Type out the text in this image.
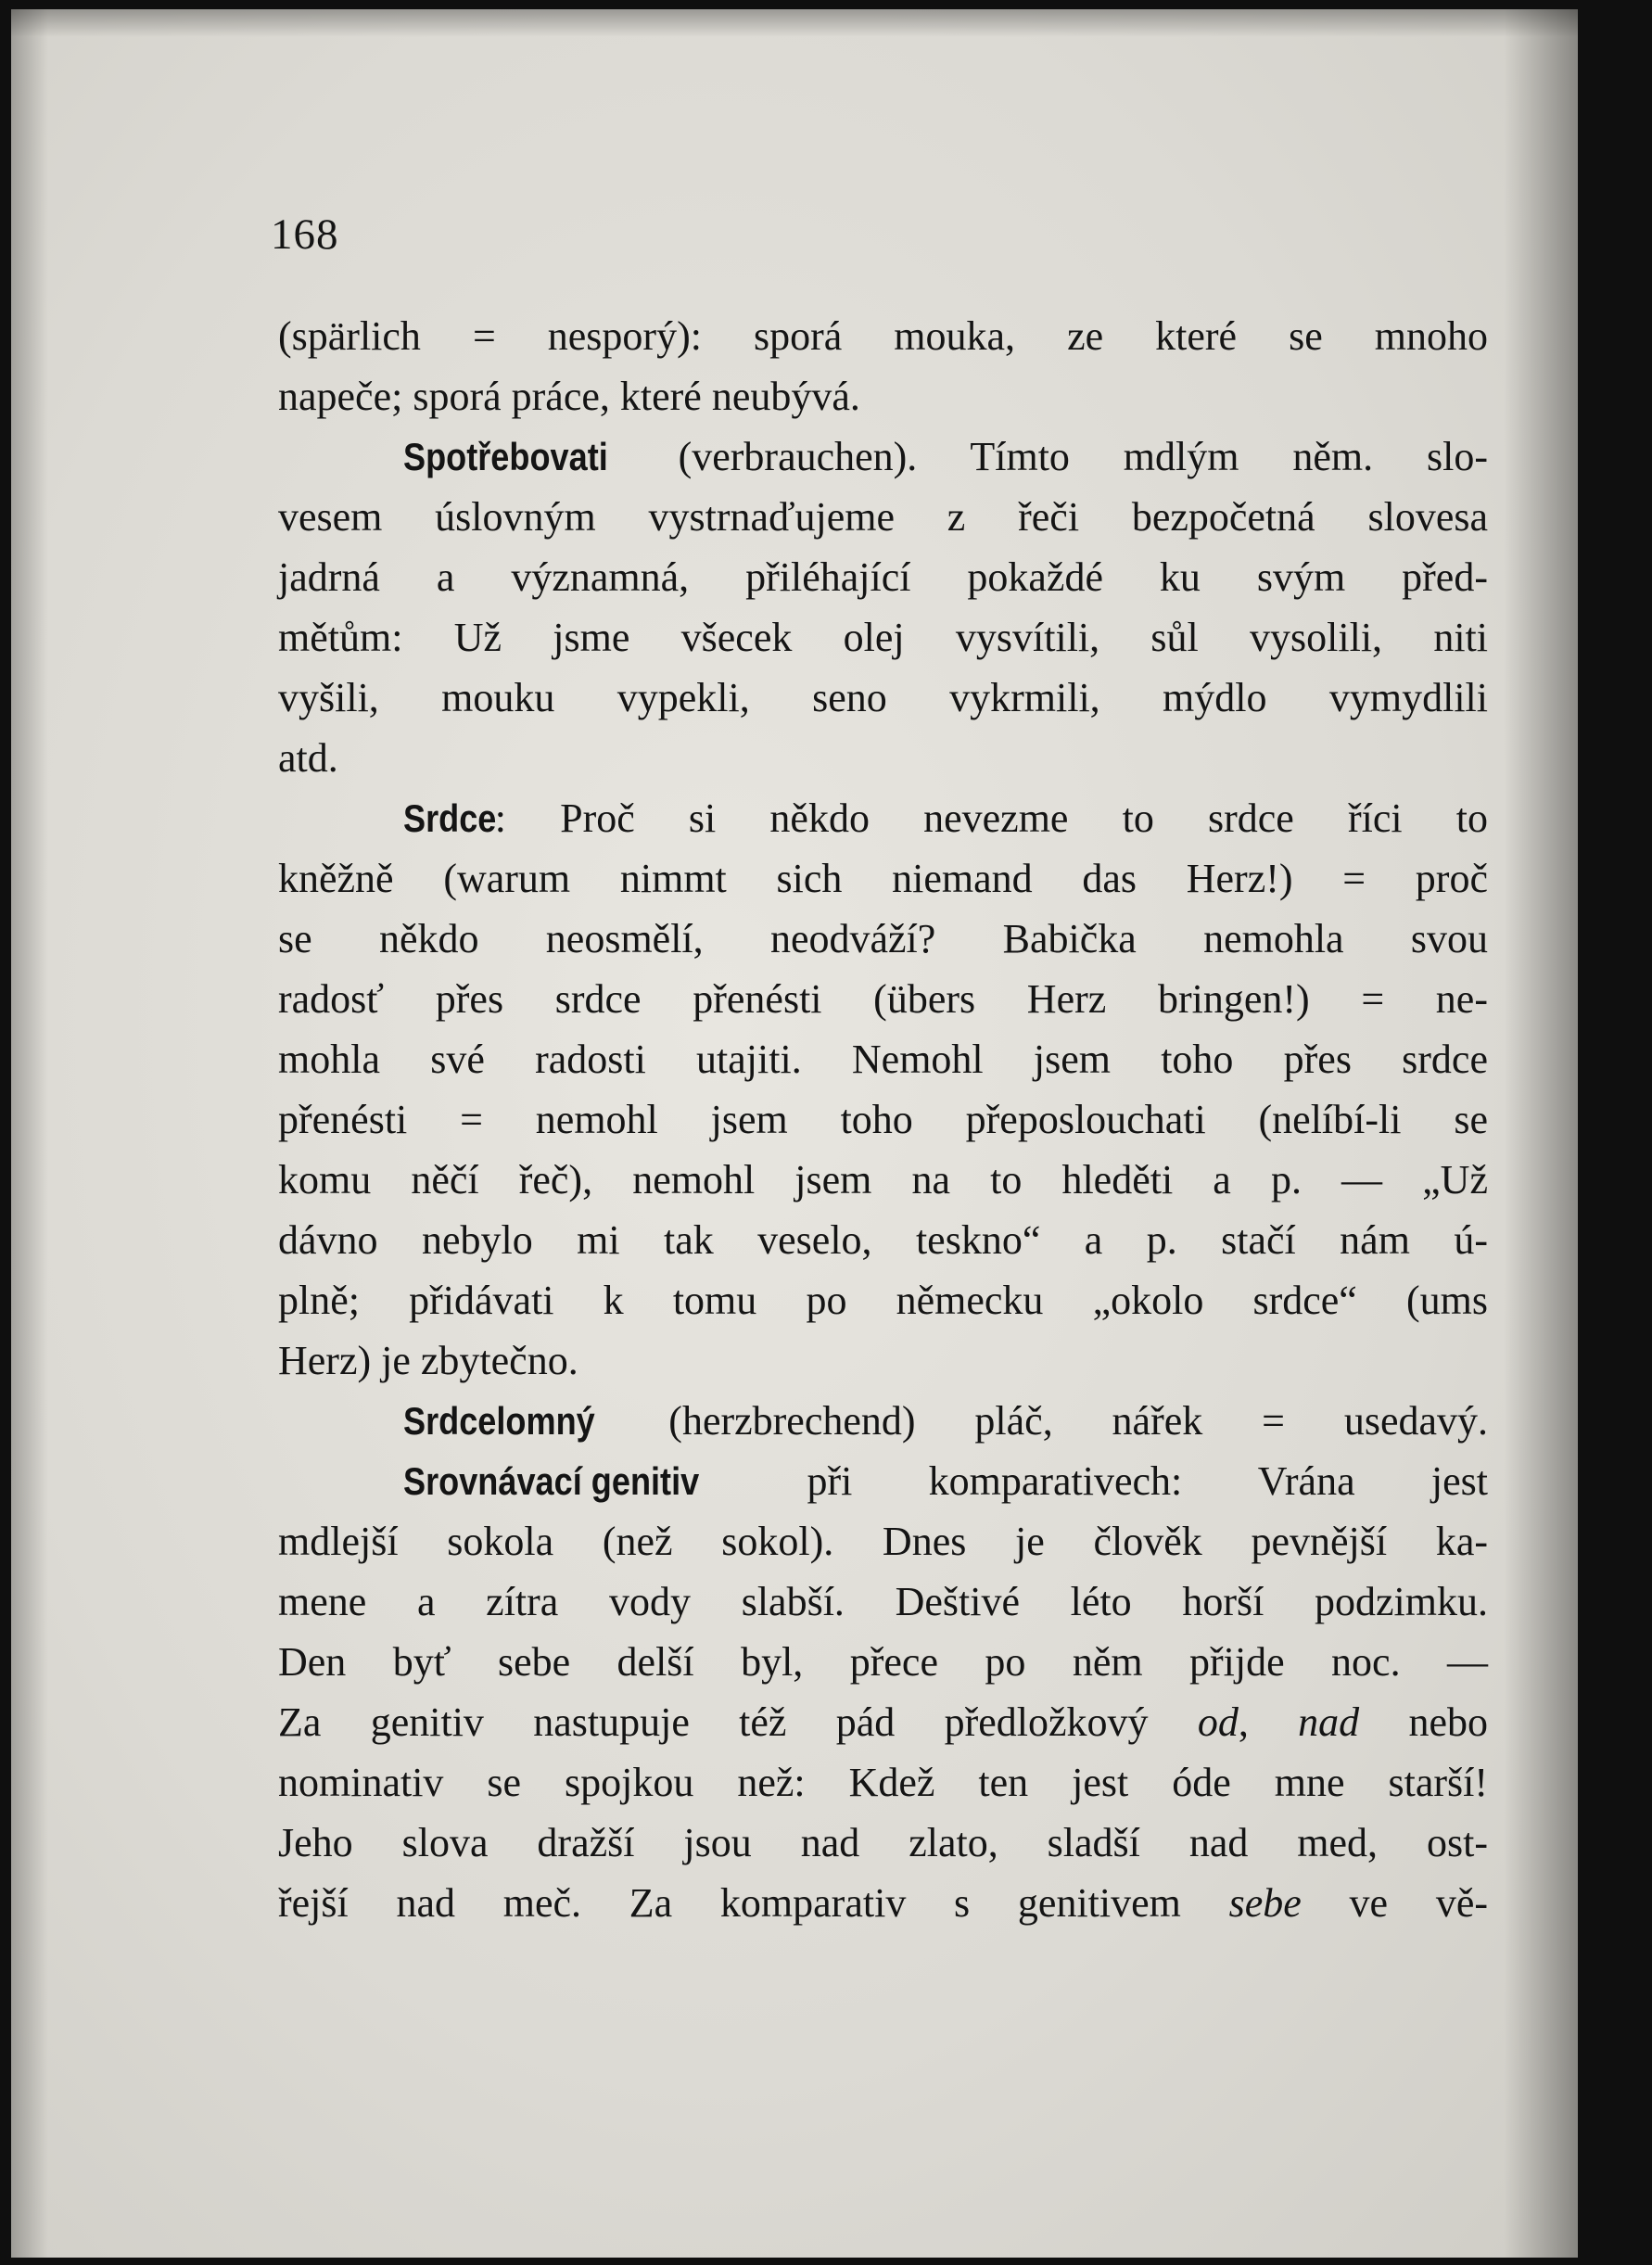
168
(spärlich = nesporý): sporá mouka, ze které se mnoho
napeče; sporá práce, které neubývá.
Spotřebovati (verbrauchen). Tímto mdlým něm. slo-
vesem úslovným vystrnaďujeme z řeči bezpočetná slovesa
jadrná a významná, přiléhající pokaždé ku svým před-
mětům: Už jsme všecek olej vysvítili, sůl vysolili, niti
vyšili, mouku vypekli, seno vykrmili, mýdlo vymydlili
atd.
Srdce: Proč si někdo nevezme to srdce říci to
kněžně (warum nimmt sich niemand das Herz!) = proč
se někdo neosmělí, neodváží? Babička nemohla svou
radosť přes srdce přenésti (übers Herz bringen!) = ne-
mohla své radosti utajiti. Nemohl jsem toho přes srdce
přenésti = nemohl jsem toho přeposlouchati (nelíbí-li se
komu něčí řeč), nemohl jsem na to hleděti a p. — „Už
dávno nebylo mi tak veselo, teskno“ a p. stačí nám ú-
plně; přidávati k tomu po německu „okolo srdce“ (ums
Herz) je zbytečno.
Srdcelomný (herzbrechend) pláč, nářek = usedavý.
Srovnávací genitiv při komparativech: Vrána jest
mdlejší sokola (než sokol). Dnes je člověk pevnější ka-
mene a zítra vody slabší. Deštivé léto horší podzimku.
Den byť sebe delší byl, přece po něm přijde noc. —
Za genitiv nastupuje též pád předložkový od, nad nebo
nominativ se spojkou než: Kdež ten jest óde mne starší!
Jeho slova dražší jsou nad zlato, sladší nad med, ost-
řejší nad meč. Za komparativ s genitivem sebe ve vě-
